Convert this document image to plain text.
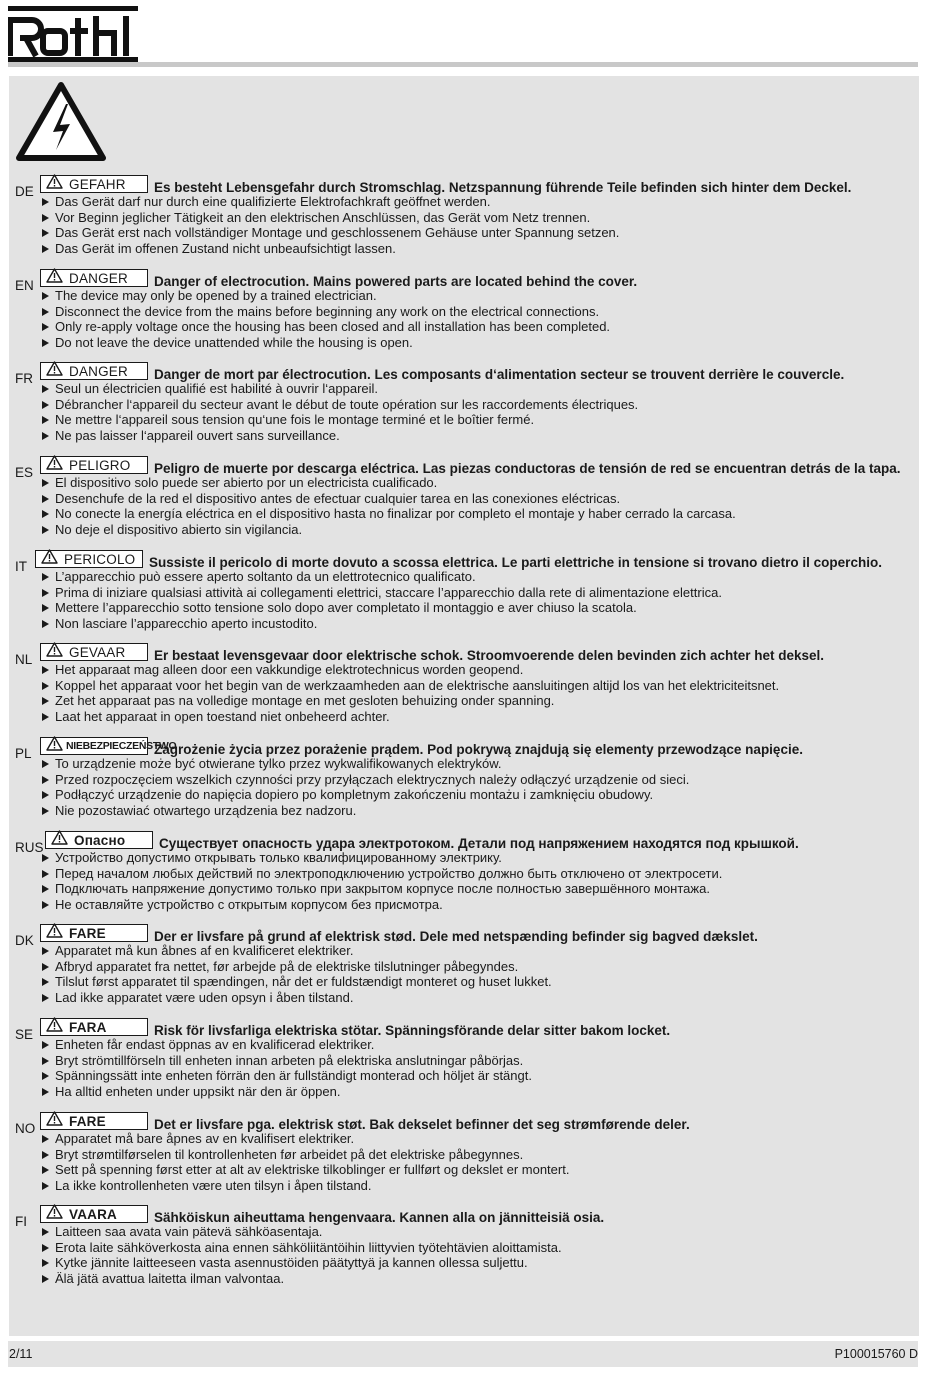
DE	GEFAHR Es besteht Lebensgefahr durch Stromschlag. Netzspannung führende Teile befinden sich hinter dem Deckel.
Das Gerät darf nur durch eine qualifizierte Elektrofachkraft geöffnet werden.
Vor Beginn jeglicher Tätigkeit an den elektrischen Anschlüssen, das Gerät vom Netz trennen.
Das Gerät erst nach vollständiger Montage und geschlossenem Gehäuse unter Spannung setzen.
Das Gerät im offenen Zustand nicht unbeaufsichtigt lassen.
EN	DANGER Danger of electrocution. Mains powered parts are located behind the cover.
The device may only be opened by a trained electrician.
Disconnect the device from the mains before beginning any work on the electrical connections.
Only re-apply voltage once the housing has been closed and all installation has been completed.
Do not leave the device unattended while the housing is open.
FR	DANGER Danger de mort par électrocution. Les composants d‘alimentation secteur se trouvent derrière le couvercle.
Seul un électricien qualifié est habilité à ouvrir l‘appareil.
Débrancher l‘appareil du secteur avant le début de toute opération sur les raccordements électriques.
Ne mettre l‘appareil sous tension qu‘une fois le montage terminé et le boîtier fermé.
Ne pas laisser l‘appareil ouvert sans surveillance.
ES	PELIGRO Peligro de muerte por descarga eléctrica. Las piezas conductoras de tensión de red se encuentran detrás de la tapa.
El dispositivo solo puede ser abierto por un electricista cualificado.
Desenchufe de la red el dispositivo antes de efectuar cualquier tarea en las conexiones eléctricas.
No conecte la energía eléctrica en el dispositivo hasta no finalizar por completo el montaje y haber cerrado la carcasa.
No deje el dispositivo abierto sin vigilancia.
IT	PERICOLO Sussiste il pericolo di morte dovuto a scossa elettrica. Le parti elettriche in tensione si trovano dietro il coperchio.
L’apparecchio può essere aperto soltanto da un elettrotecnico qualificato.
Prima di iniziare qualsiasi attività ai collegamenti elettrici, staccare l’apparecchio dalla rete di alimentazione elettrica.
Mettere l’apparecchio sotto tensione solo dopo aver completato il montaggio e aver chiuso la scatola.
Non lasciare l’apparecchio aperto incustodito.
NL	GEVAAR Er bestaat levensgevaar door elektrische schok. Stroomvoerende delen bevinden zich achter het deksel.
Het apparaat mag alleen door een vakkundige elektrotechnicus worden geopend.
Koppel het apparaat voor het begin van de werkzaamheden aan de elektrische aansluitingen altijd los van het elektriciteitsnet.
Zet het apparaat pas na volledige montage en met gesloten behuizing onder spanning.
Laat het apparaat in open toestand niet onbeheerd achter.
PL	NIEBEZPIECZEŃSTWO
Zagrożenie życia przez porażenie prądem. Pod pokrywą znajdują się elementy przewodzące napięcie.
To urządzenie może być otwierane tylko przez wykwalifikowanych elektryków.
Przed rozpoczęciem wszelkich czynności przy przyłączach elektrycznych należy odłączyć urządzenie od sieci.
Podłączyć urządzenie do napięcia dopiero po kompletnym zakończeniu montażu i zamknięciu obudowy.
Nie pozostawiać otwartego urządzenia bez nadzoru.
RUS Опасно Существует опасность удара электротоком. Детали под напряжением находятся под крышкой.
Устройство допустимо открывать только квалифицированному электрику.
Перед началом любых действий по электроподключению устройство должно быть отключено от электросети.
Подключать напряжение допустимо только при закрытом корпусе после полностью завершённого монтажа.
Не оставляйте устройство с открытым корпусом без присмотра.
DK	FARE	Der er livsfare på grund af elektrisk stød. Dele med netspænding befinder sig bagved dækslet.
Apparatet må kun åbnes af en kvalificeret elektriker.
Afbryd apparatet fra nettet, før arbejde på de elektriske tilslutninger påbegyndes.
Tilslut først apparatet til spændingen, når det er fuldstændigt monteret og huset lukket.
Lad ikke apparatet være uden opsyn i åben tilstand.
SE	FARA	Risk för livsfarliga elektriska stötar. Spänningsförande delar sitter bakom locket.
Enheten får endast öppnas av en kvalificerad elektriker.
Bryt strömtillförseln till enheten innan arbeten på elektriska anslutningar påbörjas.
Spänningssätt inte enheten förrän den är fullständigt monterad och höljet är stängt.
Ha alltid enheten under uppsikt när den är öppen.
NO	FARE	Det er livsfare pga. elektrisk støt. Bak dekselet befinner det seg strømførende deler.
Apparatet må bare åpnes av en kvalifisert elektriker.
Bryt strømtilførselen til kontrollenheten før arbeidet på det elektriske påbegynnes.
Sett på spenning først etter at alt av elektriske tilkoblinger er fullført og dekslet er montert.
La ikke kontrollenheten være uten tilsyn i åpen tilstand.
FI	VAARA	Sähköiskun aiheuttama hengenvaara. Kannen alla on jännitteisiä osia.
Laitteen saa avata vain pätevä sähköasentaja.
Erota laite sähköverkosta aina ennen sähköliitäntöihin liittyvien työtehtävien aloittamista.
Kytke jännite laitteeseen vasta asennustöiden päätyttyä ja kannen ollessa suljettu.
Älä jätä avattua laitetta ilman valvontaa.
2/11	P100015760 D
